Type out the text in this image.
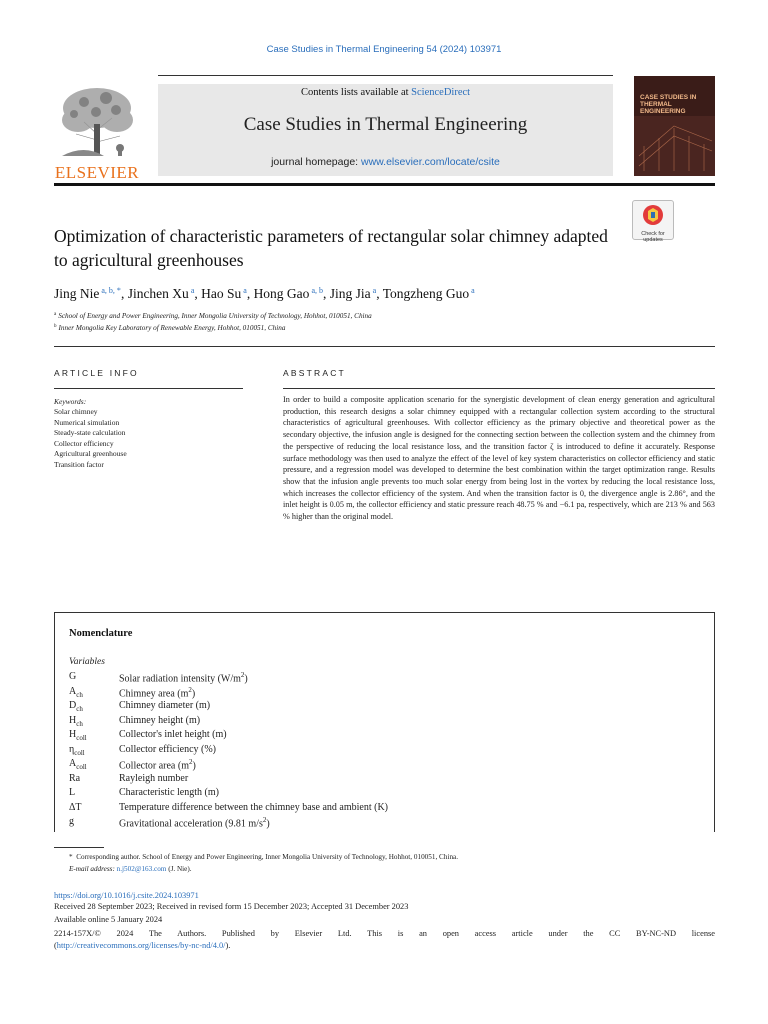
Case Studies in Thermal Engineering 54 (2024) 103971
ELSEVIER
Contents lists available at ScienceDirect
Case Studies in Thermal Engineering
journal homepage: www.elsevier.com/locate/csite
CASE STUDIES IN THERMAL ENGINEERING
Check for updates
Optimization of characteristic parameters of rectangular solar chimney adapted to agricultural greenhouses
Jing Nie $^{a, b, *}$, Jinchen Xu $^a$, Hao Su $^a$, Hong Gao $^{a, b}$, Jing Jia $^a$, Tongzheng Guo $^a$
$^a$ School of Energy and Power Engineering, Inner Mongolia University of Technology, Hohhot, 010051, China
$^b$ Inner Mongolia Key Laboratory of Renewable Energy, Hohhot, 010051, China
ARTICLE INFO
Keywords:
Solar chimney
Numerical simulation
Steady-state calculation
Collector efficiency
Agricultural greenhouse
Transition factor
ABSTRACT

In order to build a composite application scenario for the synergistic development of clean energy generation and agricultural production, this research designs a solar chimney equipped with a rectangular collection system according to the structural characteristics of agricultural greenhouses. With collector efficiency as the primary objective and theoretical power as the secondary objective, the infusion angle is designed for the connecting section between the collection system and the chimney from the perspective of reducing the local resistance loss, and the transition factor ζ is introduced to define it accurately. Response surface methodology was then used to analyze the effect of the level of key system characteristics on collector efficiency and static pressure, and a regression model was developed to determine the best combination within the target optimization range. Results show that the infusion angle prevents too much solar energy from being lost in the vortex by reducing the local resistance loss, which increases the collector efficiency of the system. And when the transition factor is 0, the divergence angle is 2.86°, and the inlet height is 0.05 m, the collector efficiency and static pressure reach 48.75 % and −6.1 pa, respectively, which are 213 % and 563 % higher than the original model.

Nomenclature
Variables
G	Solar radiation intensity $(W/m^2)$
$A_{ch}$	Chimney area $(m^2)$
$D_{ch}$	Chimney diameter (m)
$H_{ch}$	Chimney height (m)
$H_{coll}$	Collector's inlet height (m)
$\eta_{coll}$	Collector efficiency (%)
$A_{coll}$	Collector area $(m^2)$
Ra	Rayleigh number
L	Characteristic length (m)
ΔT	Temperature difference between the chimney base and ambient (K)
g	Gravitational acceleration (9.81 $m/s^2$)
* Corresponding author. School of Energy and Power Engineering, Inner Mongolia University of Technology, Hohhot, 010051, China.
E-mail address: n.j502@163.com (J. Nie).
https://doi.org/10.1016/j.csite.2024.103971
Received 28 September 2023; Received in revised form 15 December 2023; Accepted 31 December 2023
Available online 5 January 2024
2214-157X/© 2024 The Authors. Published by Elsevier Ltd. This is an open access article under the CC BY-NC-ND license
(http://creativecommons.org/licenses/by-nc-nd/4.0/).
